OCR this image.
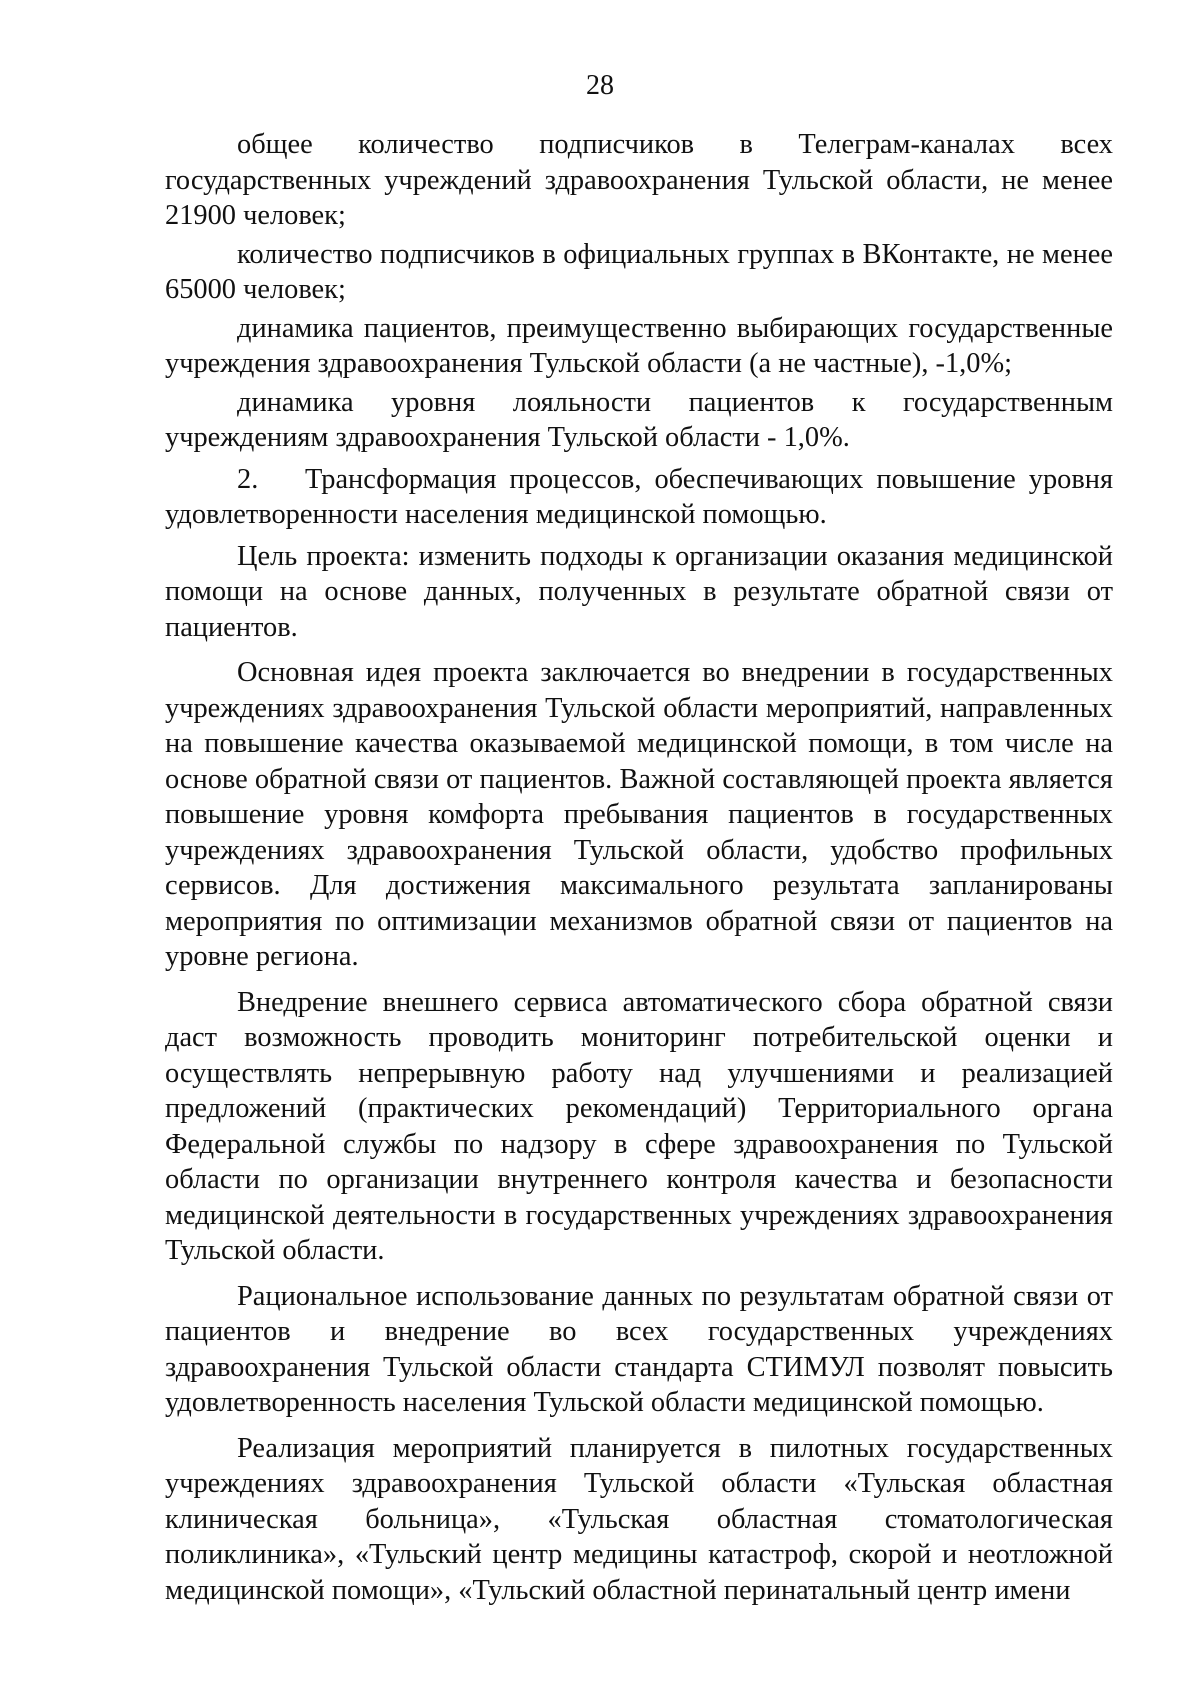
28

общее количество подписчиков в Телеграм-каналах всех государственных учреждений здравоохранения Тульской области, не менее 21900 человек;

количество подписчиков в официальных группах в ВКонтакте, не менее 65000 человек;

динамика пациентов, преимущественно выбирающих государственные учреждения здравоохранения Тульской области (а не частные), -1,0%;

динамика уровня лояльности пациентов к государственным учреждениям здравоохранения Тульской области - 1,0%.

2. Трансформация процессов, обеспечивающих повышение уровня удовлетворенности населения медицинской помощью.

Цель проекта: изменить подходы к организации оказания медицинской помощи на основе данных, полученных в результате обратной связи от пациентов.

Основная идея проекта заключается во внедрении в государственных учреждениях здравоохранения Тульской области мероприятий, направленных на повышение качества оказываемой медицинской помощи, в том числе на основе обратной связи от пациентов. Важной составляющей проекта является повышение уровня комфорта пребывания пациентов в государственных учреждениях здравоохранения Тульской области, удобство профильных сервисов. Для достижения максимального результата запланированы мероприятия по оптимизации механизмов обратной связи от пациентов на уровне региона.

Внедрение внешнего сервиса автоматического сбора обратной связи даст возможность проводить мониторинг потребительской оценки и осуществлять непрерывную работу над улучшениями и реализацией предложений (практических рекомендаций) Территориального органа Федеральной службы по надзору в сфере здравоохранения по Тульской области по организации внутреннего контроля качества и безопасности медицинской деятельности в государственных учреждениях здравоохранения Тульской области.

Рациональное использование данных по результатам обратной связи от пациентов и внедрение во всех государственных учреждениях здравоохранения Тульской области стандарта СТИМУЛ позволят повысить удовлетворенность населения Тульской области медицинской помощью.

Реализация мероприятий планируется в пилотных государственных учреждениях здравоохранения Тульской области «Тульская областная клиническая больница», «Тульская областная стоматологическая поликлиника», «Тульский центр медицины катастроф, скорой и неотложной медицинской помощи», «Тульский областной перинатальный центр имени
